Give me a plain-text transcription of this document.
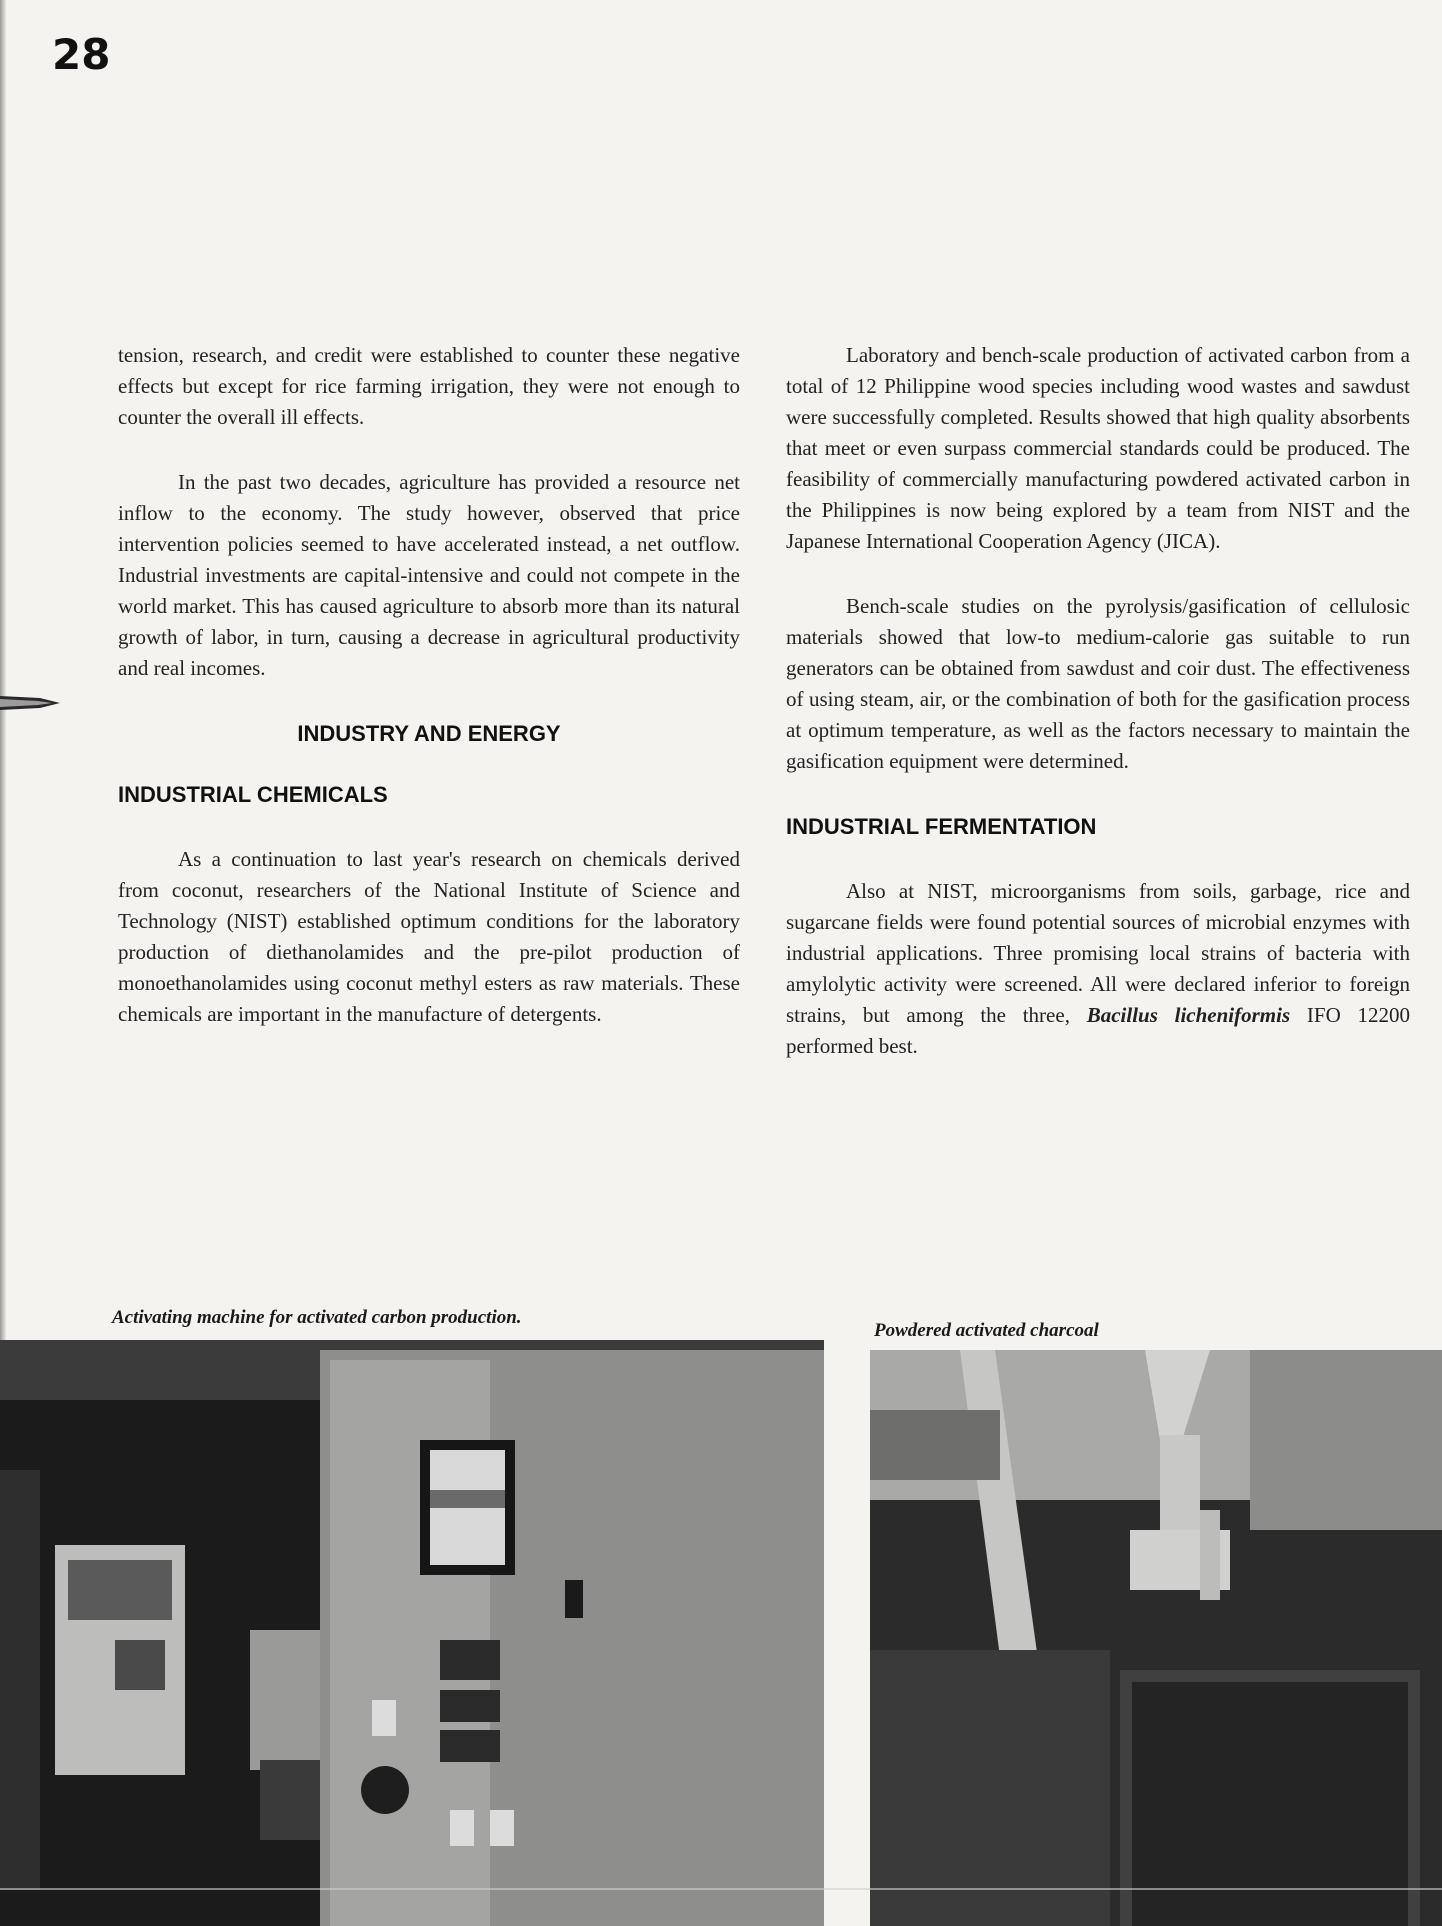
28

tension, research, and credit were established to counter these negative effects but except for rice farming irrigation, they were not enough to counter the overall ill effects.

In the past two decades, agriculture has provided a resource net inflow to the economy. The study however, observed that price intervention policies seemed to have accelerated instead, a net outflow. Industrial investments are capital-intensive and could not compete in the world market. This has caused agriculture to absorb more than its natural growth of labor, in turn, causing a decrease in agricultural productivity and real incomes.

INDUSTRY AND ENERGY
INDUSTRIAL CHEMICALS

As a continuation to last year's research on chemicals derived from coconut, researchers of the National Institute of Science and Technology (NIST) established optimum conditions for the laboratory production of diethanolamides and the pre-pilot production of monoethanolamides using coconut methyl esters as raw materials. These chemicals are important in the manufacture of detergents.

Laboratory and bench-scale production of activated carbon from a total of 12 Philippine wood species including wood wastes and sawdust were successfully completed. Results showed that high quality absorbents that meet or even surpass commercial standards could be produced. The feasibility of commercially manufacturing powdered activated carbon in the Philippines is now being explored by a team from NIST and the Japanese International Cooperation Agency (JICA).

Bench-scale studies on the pyrolysis/gasification of cellulosic materials showed that low-to medium-calorie gas suitable to run generators can be obtained from sawdust and coir dust. The effectiveness of using steam, air, or the combination of both for the gasification process at optimum temperature, as well as the factors necessary to maintain the gasification equipment were determined.

INDUSTRIAL FERMENTATION

Also at NIST, microorganisms from soils, garbage, rice and sugarcane fields were found potential sources of microbial enzymes with industrial applications. Three promising local strains of bacteria with amylolytic activity were screened. All were declared inferior to foreign strains, but among the three, Bacillus licheniformis IFO 12200 performed best.

Activating machine for activated carbon production.
Powdered activated charcoal
